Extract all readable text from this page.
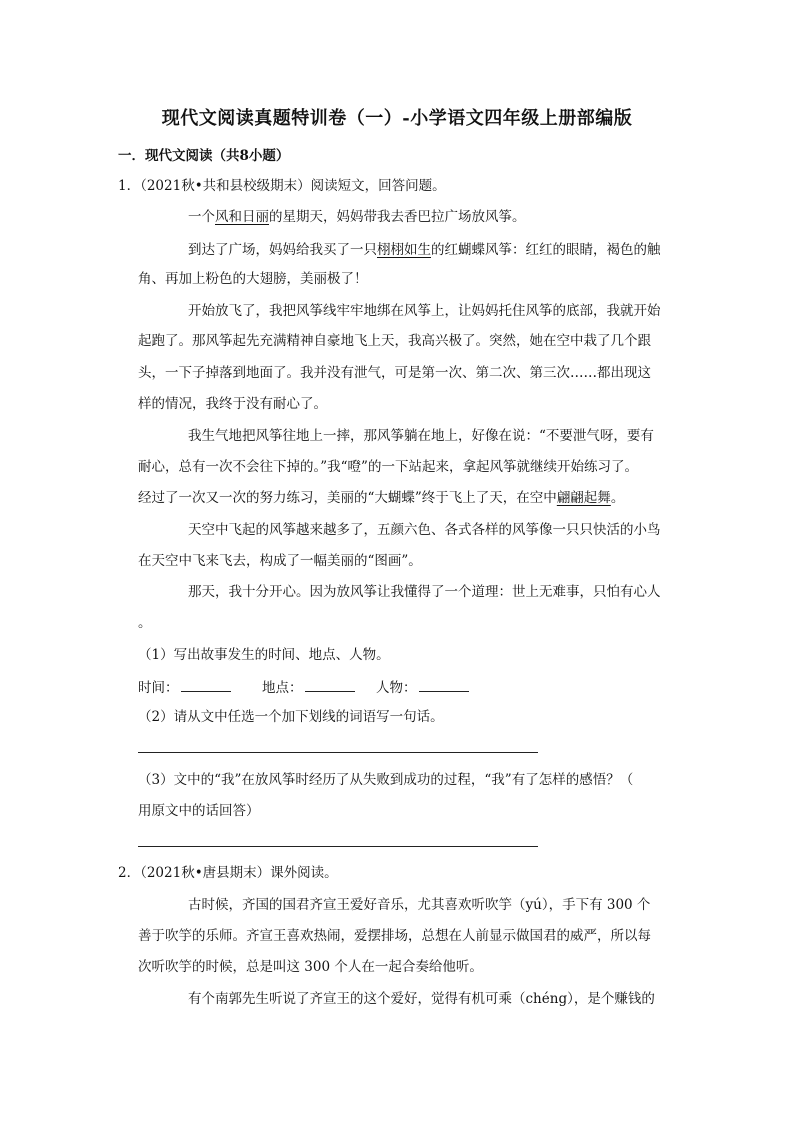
现代文阅读真题特训卷（一）-小学语文四年级上册部编版
一．现代文阅读（共8小题）
1．（2021秋•共和县校级期末）阅读短文，回答问题。
一个风和日丽的星期天，妈妈带我去香巴拉广场放风筝。
到达了广场，妈妈给我买了一只栩栩如生的红蝴蝶风筝：红红的眼睛，褐色的触
角、再加上粉色的大翅膀，美丽极了！
开始放飞了，我把风筝线牢牢地绑在风筝上，让妈妈托住风筝的底部，我就开始
起跑了。那风筝起先充满精神自豪地飞上天，我高兴极了。突然，她在空中栽了几个跟
头，一下子掉落到地面了。我并没有泄气，可是第一次、第二次、第三次……都出现这
样的情况，我终于没有耐心了。
我生气地把风筝往地上一摔，那风筝躺在地上，好像在说：“不要泄气呀，要有
耐心，总有一次不会往下掉的。”我“噔”的一下站起来，拿起风筝就继续开始练习了。
经过了一次又一次的努力练习，美丽的“大蝴蝶”终于飞上了天，在空中翩翩起舞。
天空中飞起的风筝越来越多了，五颜六色、各式各样的风筝像一只只快活的小鸟
在天空中飞来飞去，构成了一幅美丽的“图画”。
那天，我十分开心。因为放风筝让我懂得了一个道理：世上无难事，只怕有心人
。
（1）写出故事发生的时间、地点、人物。
时间：	地点：	人物：
（2）请从文中任选一个加下划线的词语写一句话。
（3）文中的“我”在放风筝时经历了从失败到成功的过程，“我”有了怎样的感悟？（
用原文中的话回答）
2．（2021秋•唐县期末）课外阅读。
古时候，齐国的国君齐宣王爱好音乐，尤其喜欢听吹竽（yú），手下有 300 个
善于吹竽的乐师。齐宣王喜欢热闹，爱摆排场，总想在人前显示做国君的威严，所以每
次听吹竽的时候，总是叫这 300 个人在一起合奏给他听。
有个南郭先生听说了齐宣王的这个爱好，觉得有机可乘（chéng），是个赚钱的
